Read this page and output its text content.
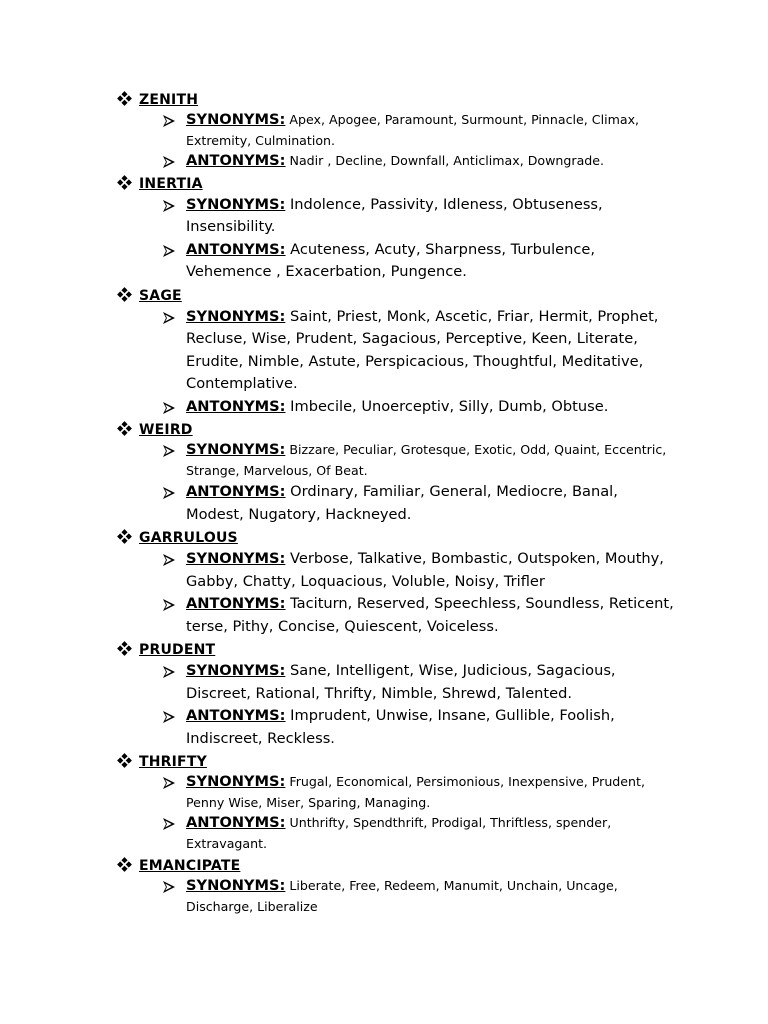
ZENITH
SYNONYMS: Apex, Apogee, Paramount, Surmount, Pinnacle, Climax, Extremity, Culmination.
ANTONYMS: Nadir , Decline, Downfall, Anticlimax, Downgrade.
INERTIA
SYNONYMS: Indolence, Passivity, Idleness, Obtuseness, Insensibility.
ANTONYMS: Acuteness, Acuty, Sharpness, Turbulence, Vehemence , Exacerbation, Pungence.
SAGE
SYNONYMS: Saint, Priest, Monk, Ascetic, Friar, Hermit, Prophet, Recluse, Wise, Prudent, Sagacious, Perceptive, Keen, Literate, Erudite, Nimble, Astute, Perspicacious, Thoughtful, Meditative, Contemplative.
ANTONYMS: Imbecile, Unoerceptiv, Silly, Dumb, Obtuse.
WEIRD
SYNONYMS: Bizzare, Peculiar, Grotesque, Exotic, Odd, Quaint, Eccentric, Strange, Marvelous, Of Beat.
ANTONYMS: Ordinary, Familiar, General, Mediocre, Banal, Modest, Nugatory, Hackneyed.
GARRULOUS
SYNONYMS: Verbose, Talkative, Bombastic, Outspoken, Mouthy, Gabby, Chatty, Loquacious, Voluble, Noisy, Trifler
ANTONYMS: Taciturn, Reserved, Speechless, Soundless, Reticent, terse, Pithy, Concise, Quiescent, Voiceless.
PRUDENT
SYNONYMS: Sane, Intelligent, Wise, Judicious, Sagacious, Discreet, Rational, Thrifty, Nimble, Shrewd, Talented.
ANTONYMS: Imprudent, Unwise, Insane, Gullible, Foolish, Indiscreet, Reckless.
THRIFTY
SYNONYMS: Frugal, Economical, Persimonious, Inexpensive, Prudent, Penny Wise, Miser, Sparing, Managing.
ANTONYMS: Unthrifty, Spendthrift, Prodigal, Thriftless, spender, Extravagant.
EMANCIPATE
SYNONYMS: Liberate, Free, Redeem, Manumit, Unchain, Uncage, Discharge, Liberalize
